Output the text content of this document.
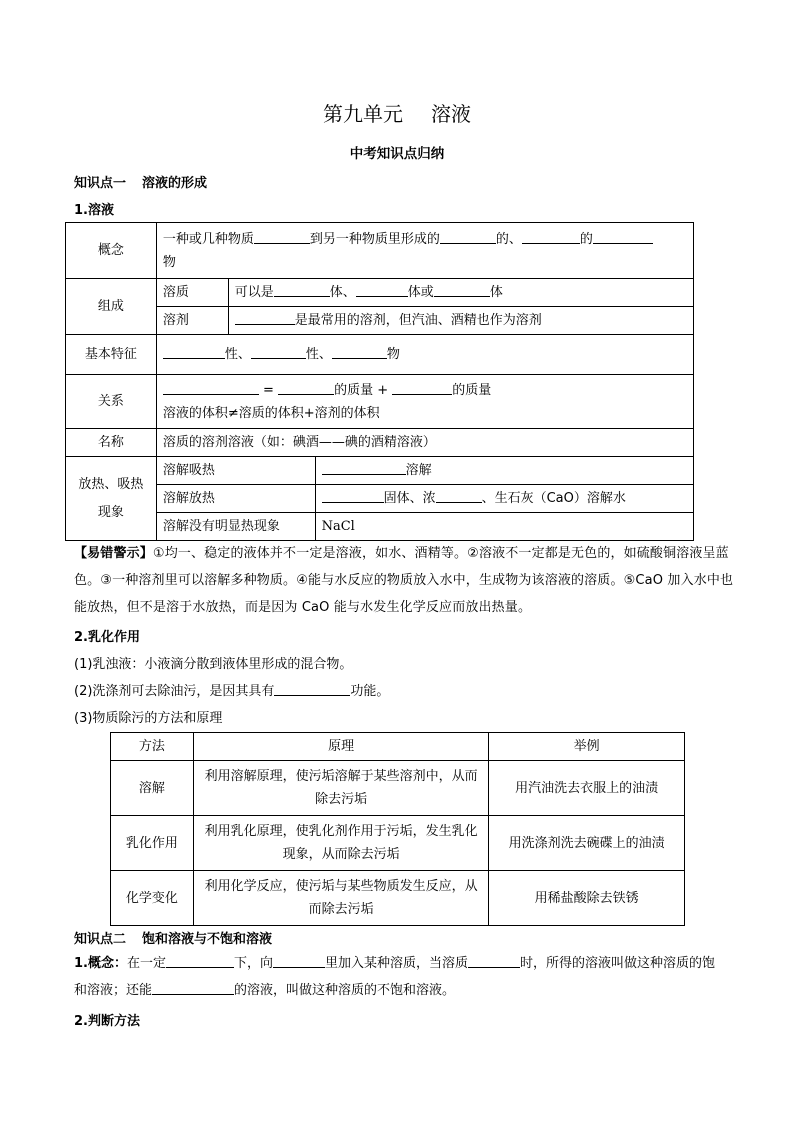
第九单元 溶液
中考知识点归纳
知识点一 溶液的形成
1.溶液
概念	一种或几种物质 到另一种物质里形成的 的、 的
物		
组成	溶质	可以是 体、 体或 体	
	溶剂	是最常用的溶剂，但汽油、酒精也作为溶剂	
基本特征	性、 性、 物		
关系	= 的质量 + 的质量
溶液的体积≠溶质的体积+溶剂的体积		
名称	溶质的溶剂溶液（如：碘酒——碘的酒精溶液）		
放热、吸热现象	溶解吸热		溶解
	溶解放热		固体、浓 、生石灰（CaO）溶解水
	溶解没有明显热现象		NaCl
【易错警示】①均一、稳定的液体并不一定是溶液，如水、酒精等。②溶液不一定都是无色的，如硫酸铜溶液呈蓝色。③一种溶剂里可以溶解多种物质。④能与水反应的物质放入水中，生成物为该溶液的溶质。⑤CaO 加入水中也能放热，但不是溶于水放热，而是因为 CaO 能与水发生化学反应而放出热量。
2.乳化作用
(1)乳浊液：小液滴分散到液体里形成的混合物。
(2)洗涤剂可去除油污，是因其具有	功能。
(3)物质除污的方法和原理
方法	原理	举例
溶解	利用溶解原理，使污垢溶解于某些溶剂中，从而除去污垢	用汽油洗去衣服上的油渍
乳化作用	利用乳化原理，使乳化剂作用于污垢，发生乳化现象，从而除去污垢	用洗涤剂洗去碗碟上的油渍
化学变化	利用化学反应，使污垢与某些物质发生反应，从而除去污垢	用稀盐酸除去铁锈
知识点二 饱和溶液与不饱和溶液
1.概念：在一定	下，向	里加入某种溶质，当溶质	时，所得的溶液叫做这种溶质的饱和溶液；还能	的溶液，叫做这种溶质的不饱和溶液。
2.判断方法
